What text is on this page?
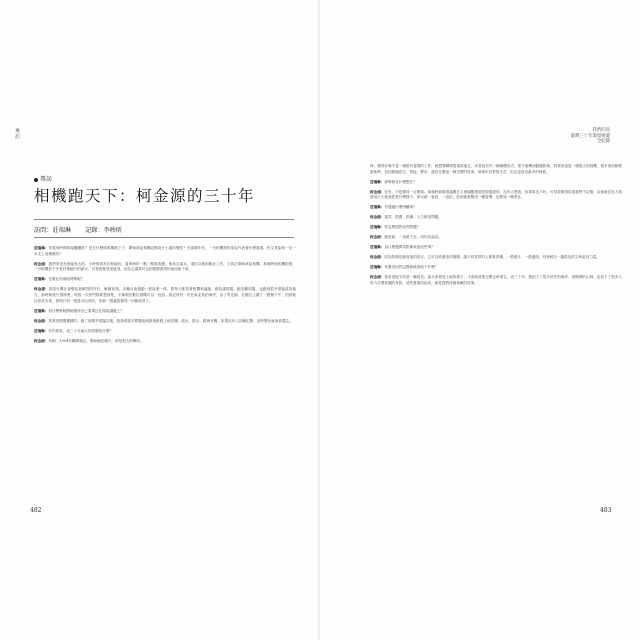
專訪
專訪
相機跑天下：柯金源的三十年
訪問：莊瑞琳 記錄：李映昕

莊瑞琳：你從何時開始接觸攝影？是在什麼樣的機緣之下，開始拿起相機記錄這片土地的變化？在那個年代，一台相機對你來說代表著什麼意義，你又是如何一步一步走上這條路的？

柯金源：我們家是在海邊長大的，小時候常常在海邊玩，看著海岸一點一點被改變。後來去當兵，退伍以後到報社工作，才真正開始拿起相機。那個時候相機很貴，一台相機差不多是好幾個月的薪水，可是我覺得很值得，因為它讓我可以把眼睛看到的東西留下來。

莊瑞琳：在報社的那段時間呢？

柯金源：那是台灣社會變化最劇烈的年代，解嚴前後，各種社會運動一波接著一波，我每天都背著相機到處跑，跑抗議現場、跑災難現場，也跑到很多很偏遠的地方。那時候底片很珍貴，每按一次快門都要想清楚，不像現在數位相機可以一直拍。我記得有一次在東北角拍海岸，為了等光線，在礁石上蹲了一整個下午，回到報社沖洗出來，發現只有一張是可以用的，但那一張讓我覺得一切都值得了。

莊瑞琳：你什麼時候開始覺得自己要專注在環境議題上？

柯金源：其實是慢慢累積的。跑了那麼多現場以後，我發現很多問題追到最後都跟土地有關，跟水、跟山、跟海有關。如果沒有人持續記錄，這些變化就會被遺忘。

莊瑞琳：在你看來，這三十年最大的改變是什麼？

柯金源：有啊，1994年離開報社，開始做紀錄片，那是很大的轉折。

482
我們的島
臺灣三十年環境變遷
全紀錄

時，覺得好像不是一個很有意義的工作，就想要轉到電視那邊去，或者說另外一種媒體形式。從平面轉到動態影像，對我來說是一個很大的挑戰，很多東西都要重新學，包括鏡頭語言、剪接、聲音，還有怎麼說一個完整的故事。那幾年其實很辛苦，但也是成長最多的時候。

莊瑞琳：那時候有什麼想法？

柯金源：沒有，只是覺得一定要做。那個時候環境議題在主流媒體裡面是很邊緣的，沒有人想看，收視率也不好。可是我覺得如果我們不記錄，以後就沒有人知道這片土地曾經是什麼樣子。所以就一直拍，一直拍，拍到後來變成一種習慣，也變成一種責任。

莊瑞琳：有遇過什麼困難嗎？

柯金源：當然，經費、設備、人力都是問題。

莊瑞琳：你怎麼面對這些問題？

柯金源：就是做，一直做下去，用作品說話。

莊瑞琳：為什麼選擇用影像來說這些事？

柯金源：因為影像是最直接的語言，它可以跨過很多隔閡，讓不同背景的人都看得懂。一張照片、一段畫面，有時候比一篇很長的文章更有力量。

莊瑞琳：你覺得這些記錄最後會留下什麼？

柯金源：我希望留下的是一種看見。當大家看見土地的樣子，才會知道要怎麼去珍惜它。這三十年，我拍下了很多消失的海岸、被開發的山林，也拍下了很多人努力守護家園的身影。這些畫面加起來，就是我們這個島嶼的故事。

483
